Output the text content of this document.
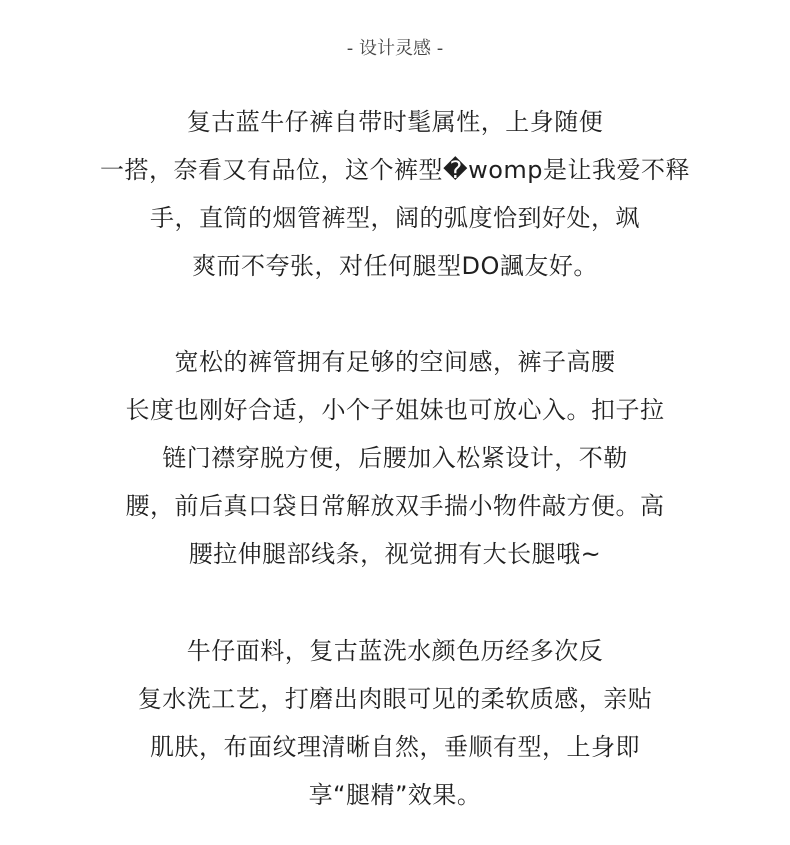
- 设计灵感 -
复古蓝牛仔裤自带时髦属性，上身随便
一搭，奈看又有品位，这个裤型�womp是让我爱不释
手，直筒的烟管裤型，阔的弧度恰到好处，飒
爽而不夸张，对任何腿型DO諷友好。
宽松的裤管拥有足够的空间感，裤子高腰
长度也刚好合适，小个子姐妹也可放心入。扣子拉
链门襟穿脱方便，后腰加入松紧设计，不勒
腰，前后真口袋日常解放双手揣小物件敲方便。高
腰拉伸腿部线条，视觉拥有大长腿哦~
牛仔面料，复古蓝洗水颜色历经多次反
复水洗工艺，打磨出肉眼可见的柔软质感，亲贴
肌肤，布面纹理清晰自然，垂顺有型，上身即
享“腿精”效果。
